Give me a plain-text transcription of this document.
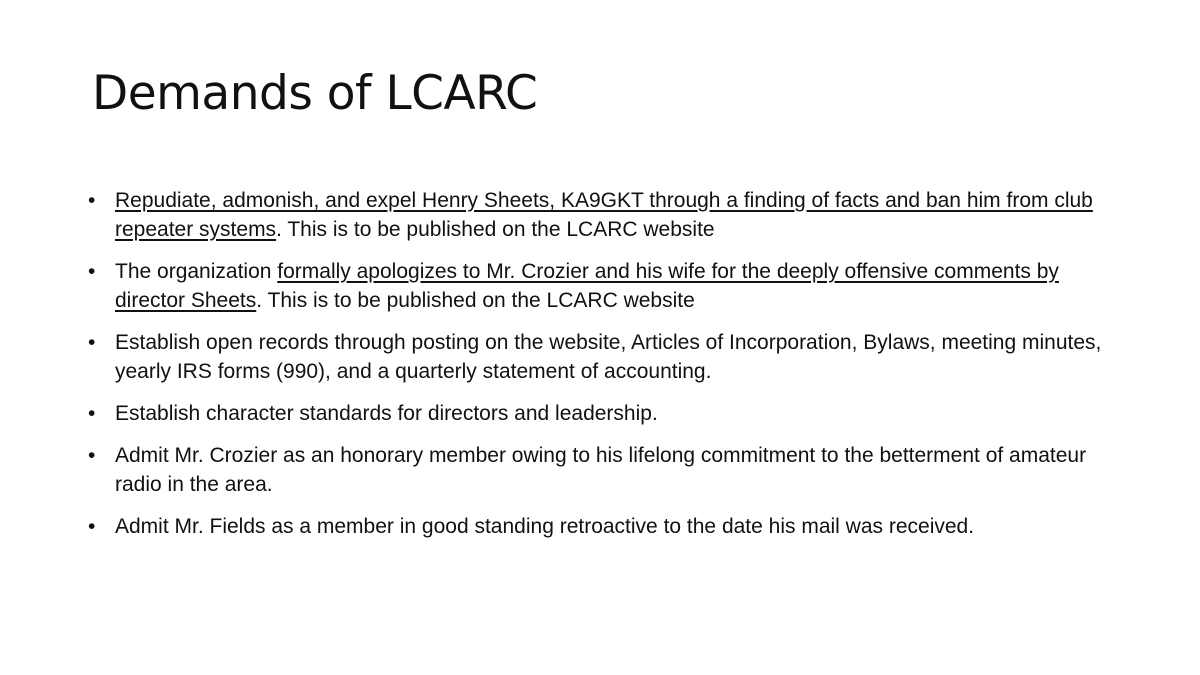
Demands of LCARC
• Repudiate, admonish, and expel Henry Sheets, KA9GKT through a finding of facts and ban him from club repeater systems. This is to be published on the LCARC website
• The organization formally apologizes to Mr. Crozier and his wife for the deeply offensive comments by director Sheets. This is to be published on the LCARC website
• Establish open records through posting on the website, Articles of Incorporation, Bylaws, meeting minutes, yearly IRS forms (990), and a quarterly statement of accounting.
• Establish character standards for directors and leadership.
• Admit Mr. Crozier as an honorary member owing to his lifelong commitment to the betterment of amateur radio in the area.
• Admit Mr. Fields as a member in good standing retroactive to the date his mail was received.
